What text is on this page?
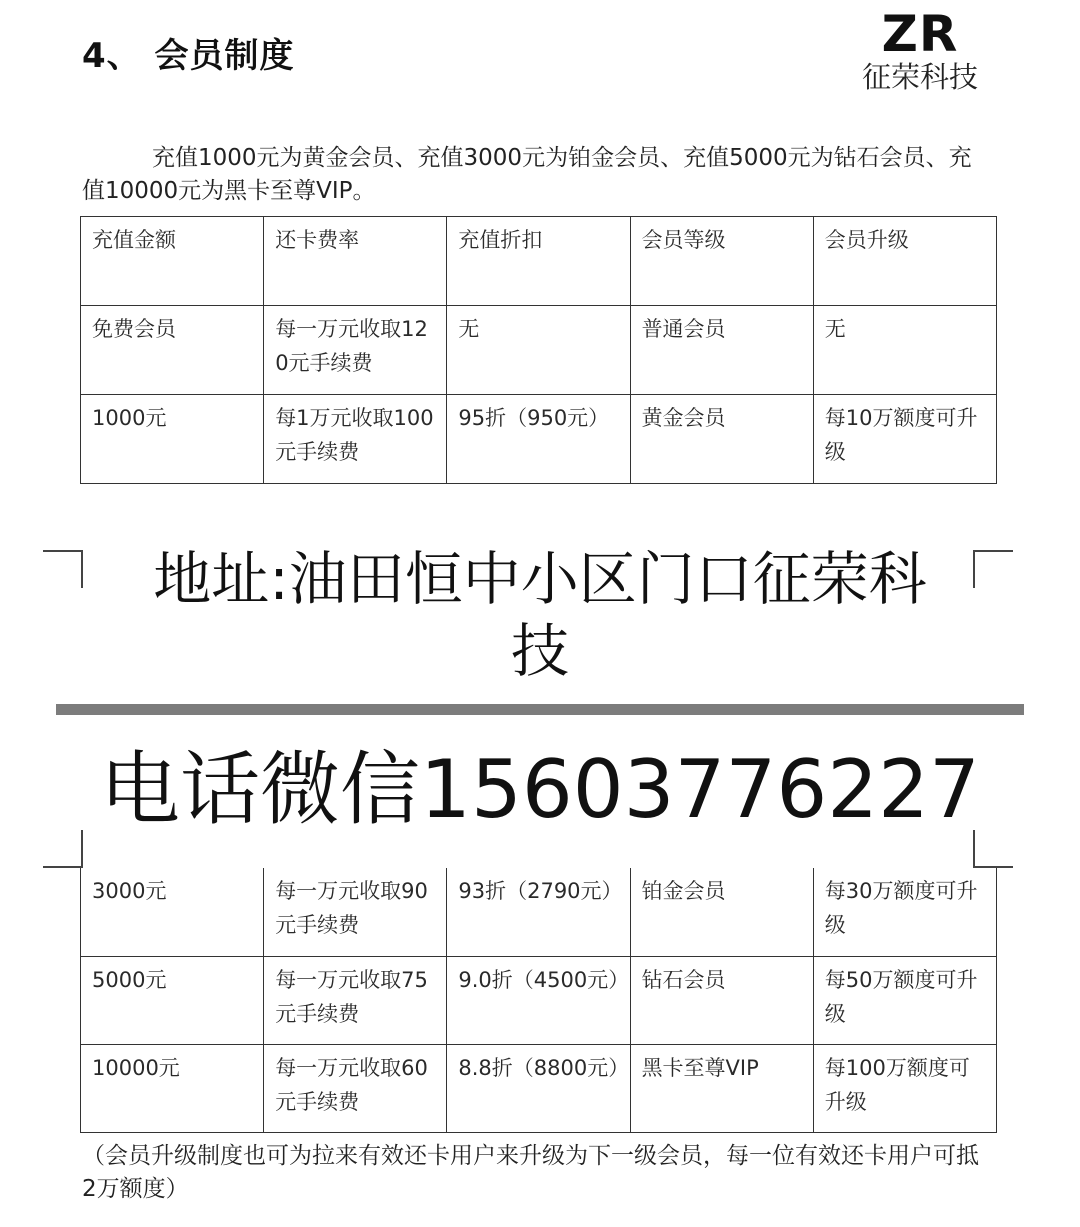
4、 会员制度	ZR
征荣科技

充值1000元为黄金会员、充值3000元为铂金会员、充值5000元为钻石会员、充值10000元为黑卡至尊VIP。

充值金额	还卡费率	充值折扣	会员等级	会员升级
免费会员	每一万元收取120元手续费	无	普通会员	无
1000元	每1万元收取100元手续费	95折（950元）	黄金会员	每10万额度可升级
地址:油田恒中小区门口征荣科技
电话微信15603776227
3000元	每一万元收取90元手续费	93折（2790元）	铂金会员	每30万额度可升级
5000元	每一万元收取75元手续费	9.0折（4500元）	钻石会员	每50万额度可升级
10000元	每一万元收取60元手续费	8.8折（8800元）	黑卡至尊VIP	每100万额度可升级

（会员升级制度也可为拉来有效还卡用户来升级为下一级会员，每一位有效还卡用户可抵2万额度）
